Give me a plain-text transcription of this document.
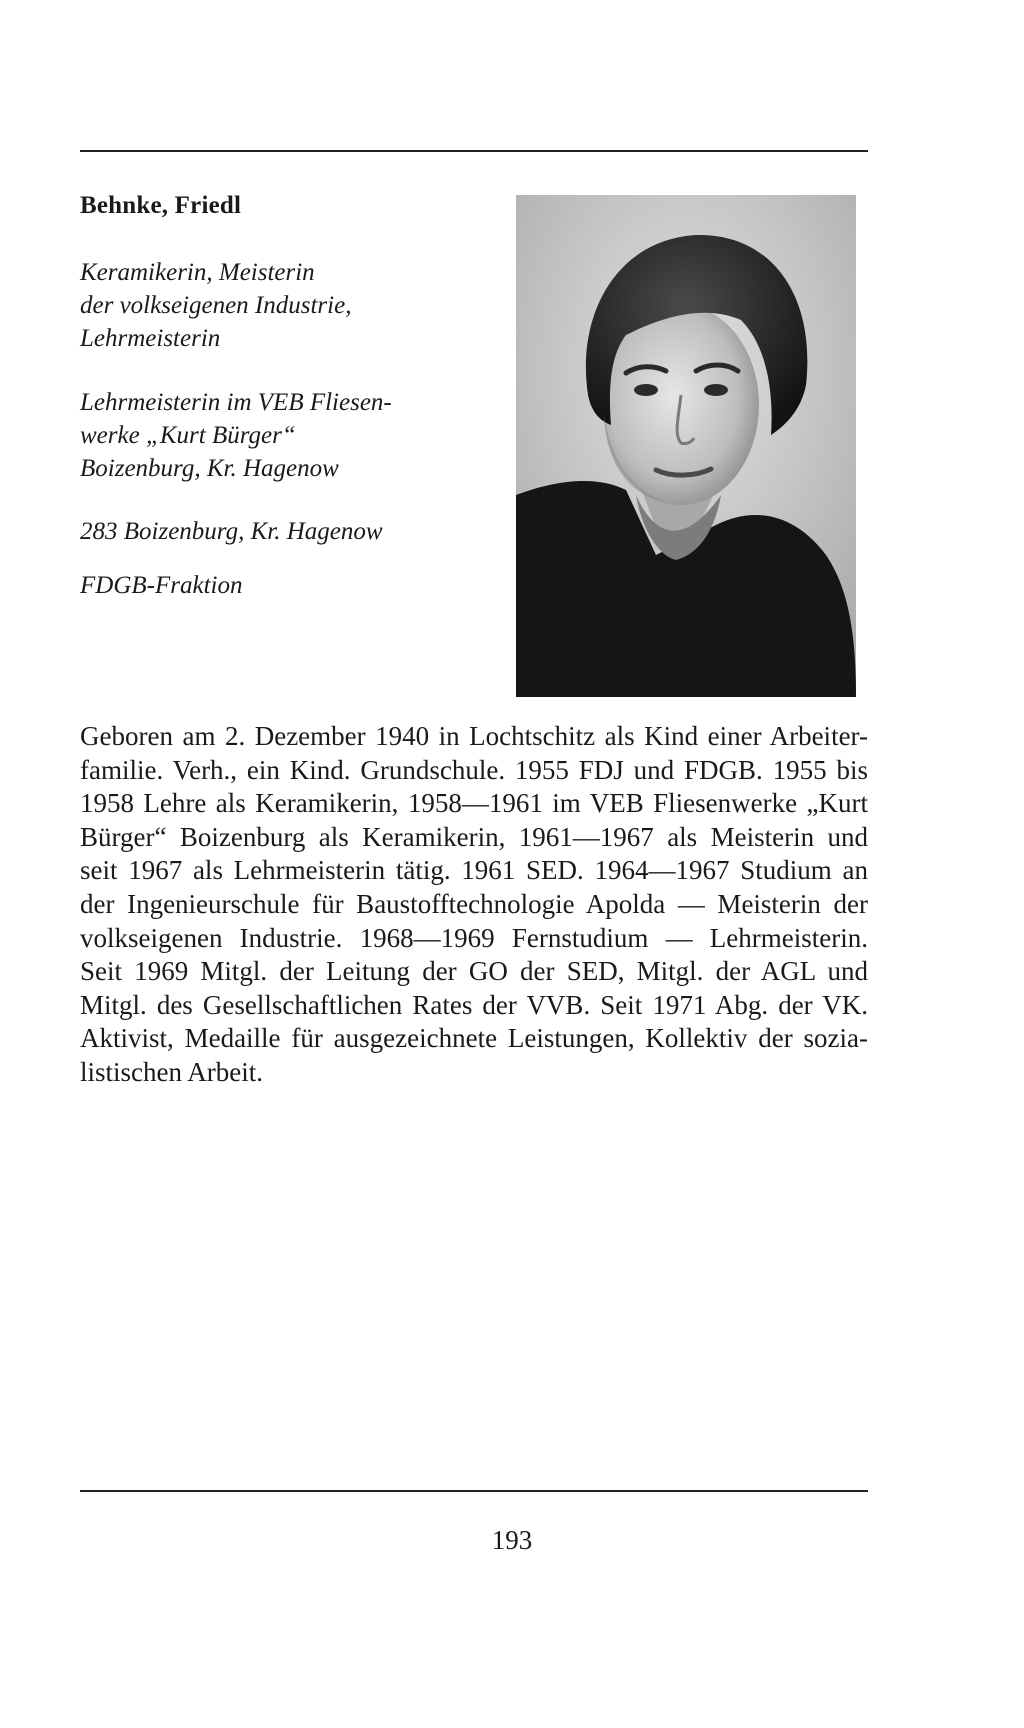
Behnke, Friedl
Keramikerin, Meisterin
der volkseigenen Industrie,
Lehrmeisterin
Lehrmeisterin im VEB Fliesen-
werke „Kurt Bürger“
Boizenburg, Kr. Hagenow
283 Boizenburg, Kr. Hagenow
FDGB-Fraktion
Geboren am 2. Dezember 1940 in Lochtschitz als Kind einer Arbeiter-
familie. Verh., ein Kind. Grundschule. 1955 FDJ und FDGB. 1955 bis
1958 Lehre als Keramikerin, 1958—1961 im VEB Fliesenwerke „Kurt
Bürger“ Boizenburg als Keramikerin, 1961—1967 als Meisterin und
seit 1967 als Lehrmeisterin tätig. 1961 SED. 1964—1967 Studium an
der Ingenieurschule für Baustofftechnologie Apolda — Meisterin der
volkseigenen Industrie. 1968—1969 Fernstudium — Lehrmeisterin.
Seit 1969 Mitgl. der Leitung der GO der SED, Mitgl. der AGL und
Mitgl. des Gesellschaftlichen Rates der VVB. Seit 1971 Abg. der VK.
Aktivist, Medaille für ausgezeichnete Leistungen, Kollektiv der sozia-
listischen Arbeit.
193
